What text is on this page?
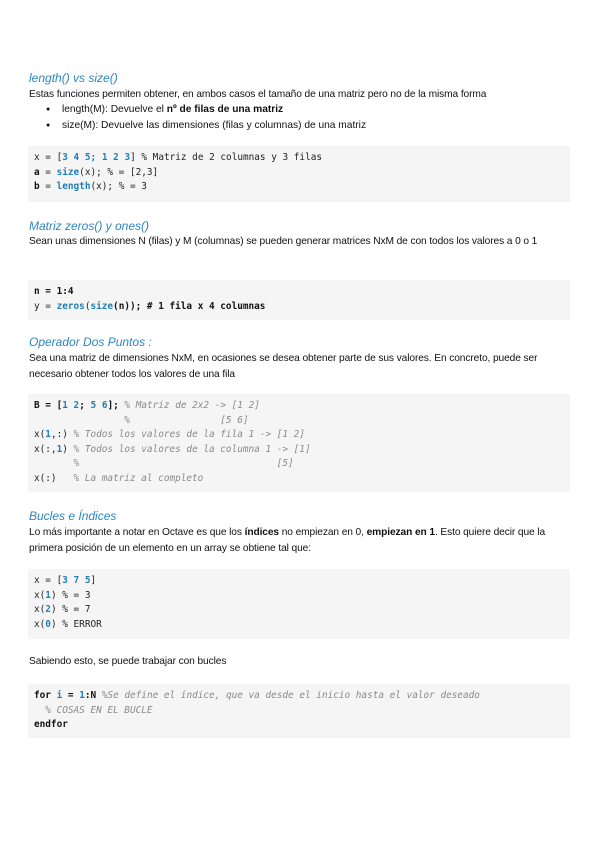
length() vs size()
Estas funciones permiten obtener, en ambos casos el tamaño de una matriz pero no de la misma forma
● length(M): Devuelve el nº de filas de una matriz
● size(M): Devuelve las dimensiones (filas y columnas) de una matriz
x = [3 4 5; 1 2 3] % Matriz de 2 columnas y 3 filas
a = size(x); % = [2,3]
b = length(x); % = 3
Matriz zeros() y ones()
Sean unas dimensiones N (filas) y M (columnas) se pueden generar matrices NxM de con todos los valores a 0 o 1
n = 1:4
y = zeros(size(n)); # 1 fila x 4 columnas
Operador Dos Puntos :
Sea una matriz de dimensiones NxM, en ocasiones se desea obtener parte de sus valores. En concreto, puede ser necesario obtener todos los valores de una fila
B = [1 2; 5 6]; % Matriz de 2x2 -> [1 2]
%                [5 6]
x(1,:) % Todos los valores de la fila 1 -> [1 2]
x(:,1) % Todos los valores de la columna 1 -> [1]
%                                   [5]
x(:)   % La matriz al completo
Bucles e Índices
Lo más importante a notar en Octave es que los índices no empiezan en 0, empiezan en 1. Esto quiere decir que la primera posición de un elemento en un array se obtiene tal que:
x = [3 7 5]
x(1) % = 3
x(2) % = 7
x(0) % ERROR
Sabiendo esto, se puede trabajar con bucles
for i = 1:N %Se define el índice, que va desde el inicio hasta el valor deseado
% COSAS EN EL BUCLE
endfor
